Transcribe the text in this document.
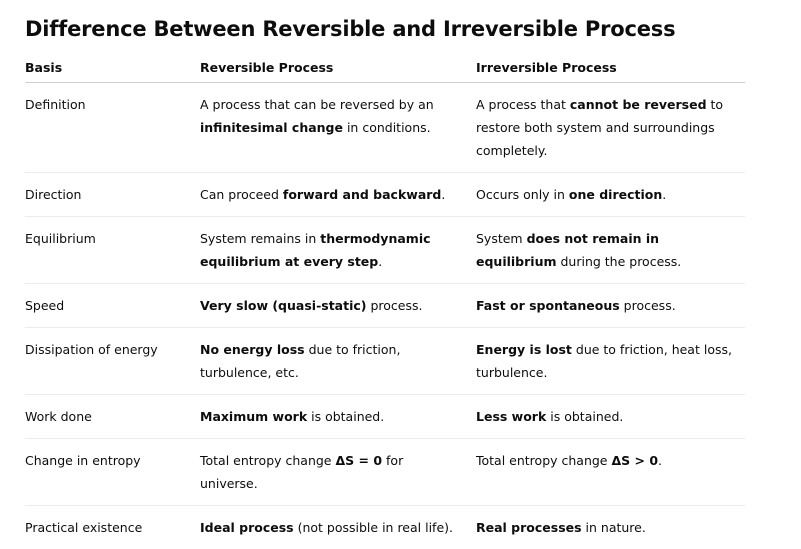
Difference Between Reversible and Irreversible Process
Basis	Reversible Process	Irreversible Process
Definition	A process that can be reversed by an infinitesimal change in conditions.	A process that cannot be reversed to restore both system and surroundings completely.
Direction	Can proceed forward and backward.	Occurs only in one direction.
Equilibrium	System remains in thermodynamic equilibrium at every step.	System does not remain in equilibrium during the process.
Speed	Very slow (quasi-static) process.	Fast or spontaneous process.
Dissipation of energy	No energy loss due to friction, turbulence, etc.	Energy is lost due to friction, heat loss, turbulence.
Work done	Maximum work is obtained.	Less work is obtained.
Change in entropy	Total entropy change ΔS = 0 for universe.	Total entropy change ΔS > 0.
Practical existence	Ideal process (not possible in real life).	Real processes in nature.
